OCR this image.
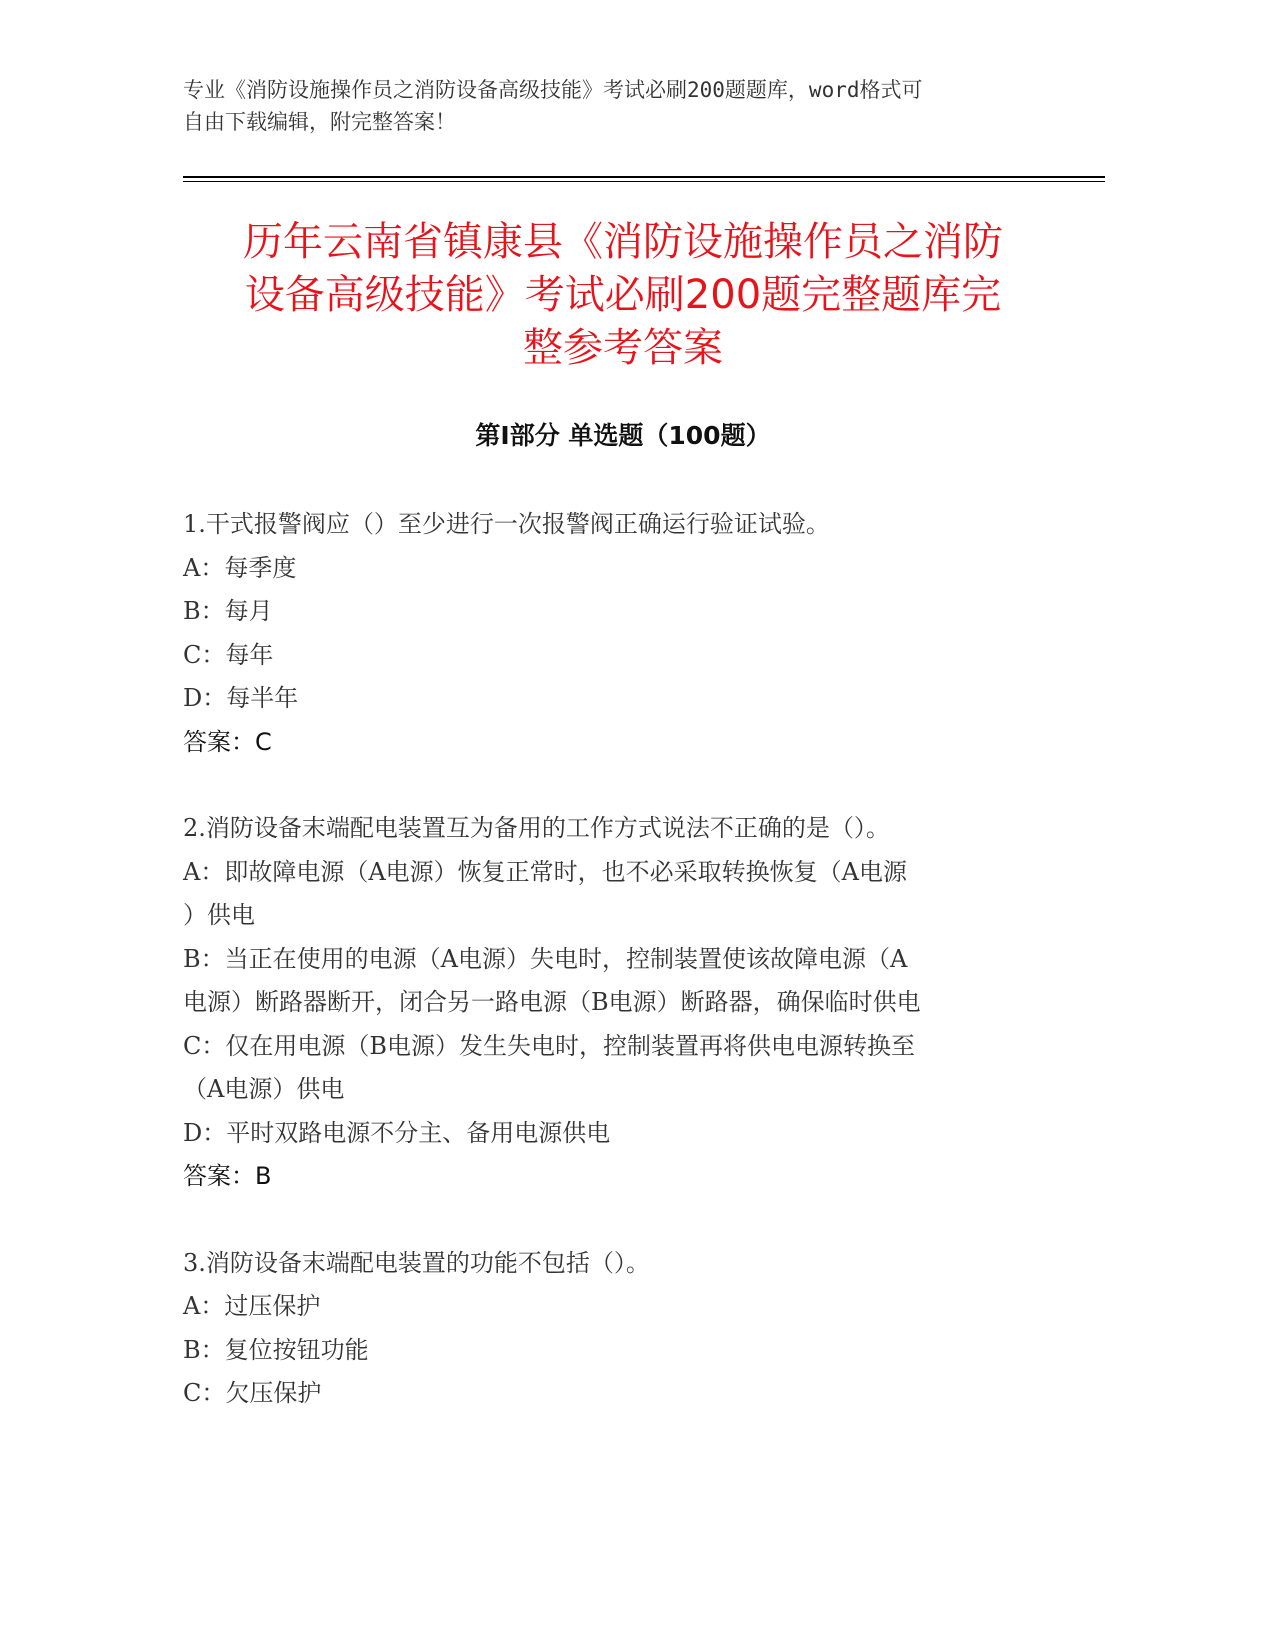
专业《消防设施操作员之消防设备高级技能》考试必刷200题题库，word格式可
自由下载编辑，附完整答案！
历年云南省镇康县《消防设施操作员之消防
设备高级技能》考试必刷200题完整题库完
整参考答案
第Ⅰ部分 单选题（100题）
1.干式报警阀应（）至少进行一次报警阀正确运行验证试验。
A：每季度
B：每月
C：每年
D：每半年
答案：C
2.消防设备末端配电装置互为备用的工作方式说法不正确的是（）。
A：即故障电源（A电源）恢复正常时，也不必采取转换恢复（A电源
）供电
B：当正在使用的电源（A电源）失电时，控制装置使该故障电源（A
电源）断路器断开，闭合另一路电源（B电源）断路器，确保临时供电
C：仅在用电源（B电源）发生失电时，控制装置再将供电电源转换至
（A电源）供电
D：平时双路电源不分主、备用电源供电
答案：B
3.消防设备末端配电装置的功能不包括（）。
A：过压保护
B：复位按钮功能
C：欠压保护
